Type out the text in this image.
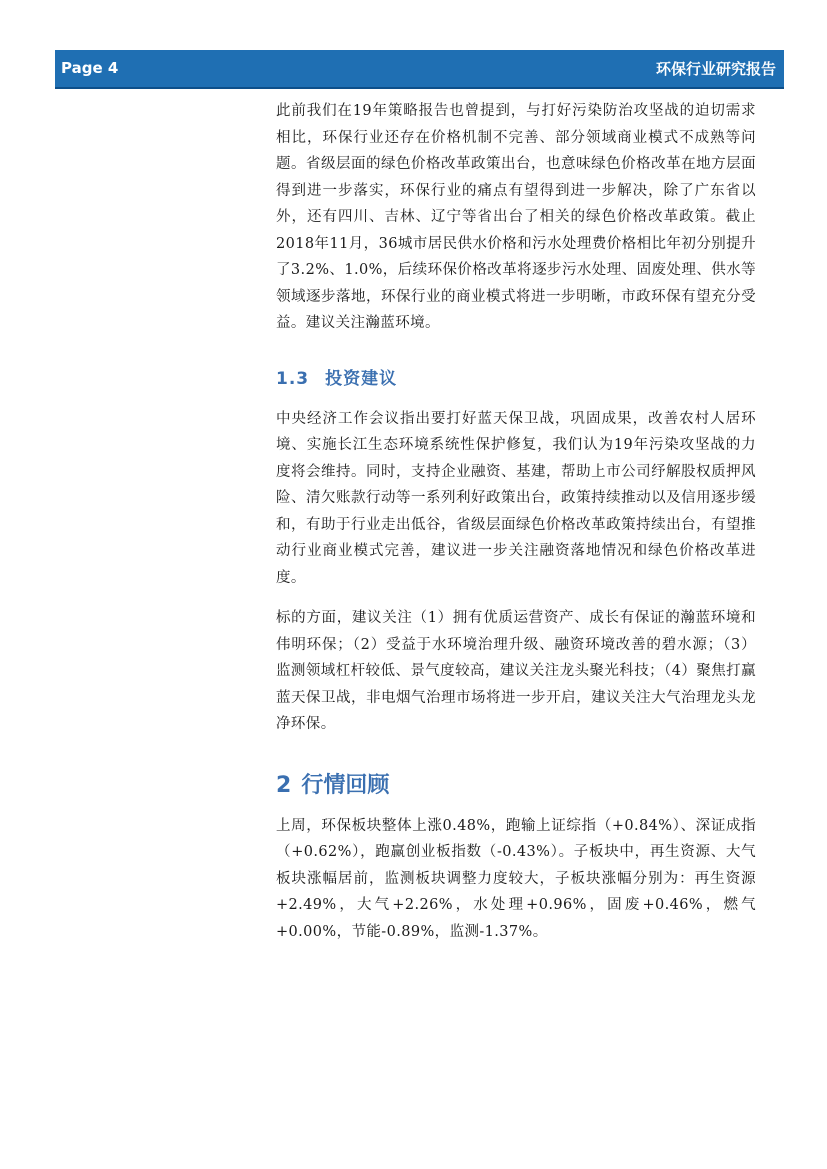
Page 4	环保行业研究报告

此前我们在19年策略报告也曾提到，与打好污染防治攻坚战的迫切需求相比，环保行业还存在价格机制不完善、部分领域商业模式不成熟等问题。省级层面的绿色价格改革政策出台，也意味绿色价格改革在地方层面得到进一步落实，环保行业的痛点有望得到进一步解决，除了广东省以外，还有四川、吉林、辽宁等省出台了相关的绿色价格改革政策。截止2018年11月，36城市居民供水价格和污水处理费价格相比年初分别提升了3.2%、1.0%，后续环保价格改革将逐步污水处理、固废处理、供水等领域逐步落地，环保行业的商业模式将进一步明晰，市政环保有望充分受益。建议关注瀚蓝环境。

1.3 投资建议

中央经济工作会议指出要打好蓝天保卫战，巩固成果，改善农村人居环境、实施长江生态环境系统性保护修复，我们认为19年污染攻坚战的力度将会维持。同时，支持企业融资、基建，帮助上市公司纾解股权质押风险、清欠账款行动等一系列利好政策出台，政策持续推动以及信用逐步缓和，有助于行业走出低谷，省级层面绿色价格改革政策持续出台，有望推动行业商业模式完善，建议进一步关注融资落地情况和绿色价格改革进度。

标的方面，建议关注（1）拥有优质运营资产、成长有保证的瀚蓝环境和伟明环保；（2）受益于水环境治理升级、融资环境改善的碧水源；（3）监测领域杠杆较低、景气度较高，建议关注龙头聚光科技；（4）聚焦打赢蓝天保卫战，非电烟气治理市场将进一步开启，建议关注大气治理龙头龙净环保。

2 行情回顾

上周，环保板块整体上涨0.48%，跑输上证综指（+0.84%）、深证成指（+0.62%），跑赢创业板指数（-0.43%）。子板块中，再生资源、大气板块涨幅居前，监测板块调整力度较大，子板块涨幅分别为：再生资源+2.49%，大气+2.26%，水处理+0.96%，固废+0.46%，燃气+0.00%，节能-0.89%，监测-1.37%。
